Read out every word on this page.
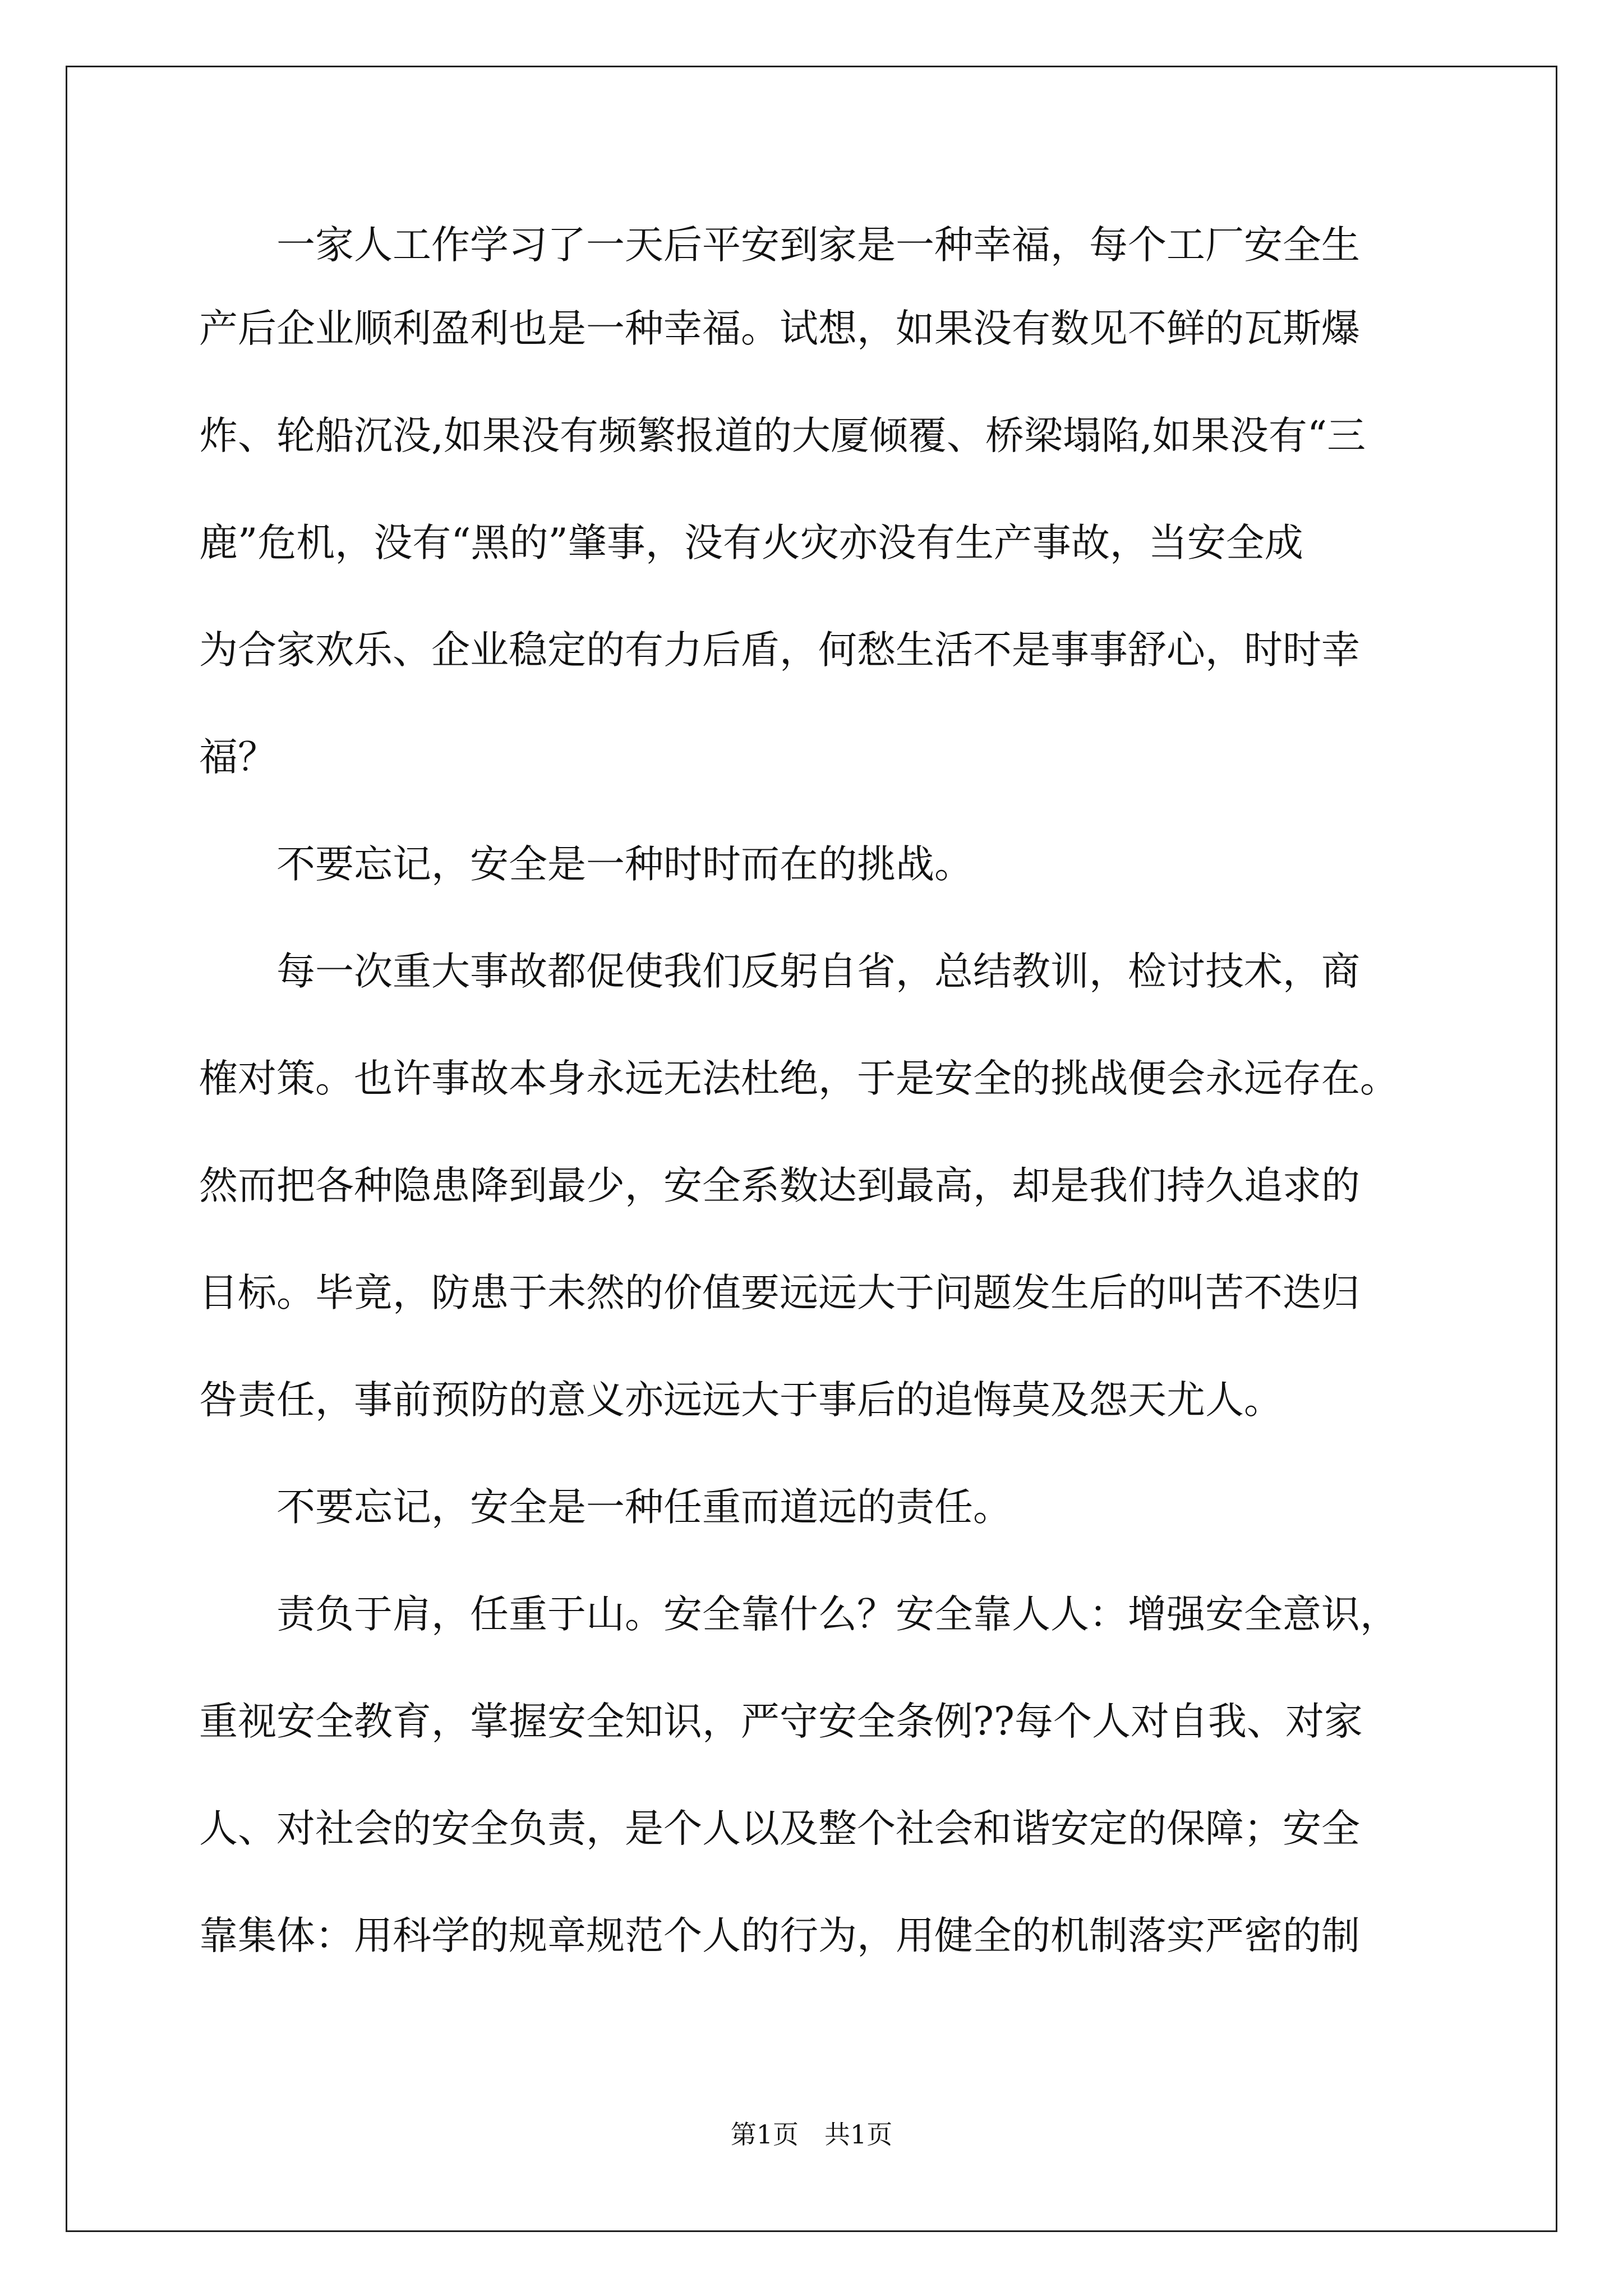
　　一家人工作学习了一天后平安到家是一种幸福，每个工厂安全生
产后企业顺利盈利也是一种幸福。试想，如果没有数见不鲜的瓦斯爆
炸、轮船沉没,如果没有频繁报道的大厦倾覆、桥梁塌陷,如果没有“三
鹿”危机，没有“黑的”肇事，没有火灾亦没有生产事故，当安全成
为合家欢乐、企业稳定的有力后盾，何愁生活不是事事舒心，时时幸
福？
　　不要忘记，安全是一种时时而在的挑战。
　　每一次重大事故都促使我们反躬自省，总结教训，检讨技术，商
榷对策。也许事故本身永远无法杜绝，于是安全的挑战便会永远存在。
然而把各种隐患降到最少，安全系数达到最高，却是我们持久追求的
目标。毕竟，防患于未然的价值要远远大于问题发生后的叫苦不迭归
咎责任，事前预防的意义亦远远大于事后的追悔莫及怨天尤人。
　　不要忘记，安全是一种任重而道远的责任。
　　责负于肩，任重于山。安全靠什么？安全靠人人：增强安全意识，
重视安全教育，掌握安全知识，严守安全条例??每个人对自我、对家
人、对社会的安全负责，是个人以及整个社会和谐安定的保障；安全
靠集体：用科学的规章规范个人的行为，用健全的机制落实严密的制
第1页　共1页
